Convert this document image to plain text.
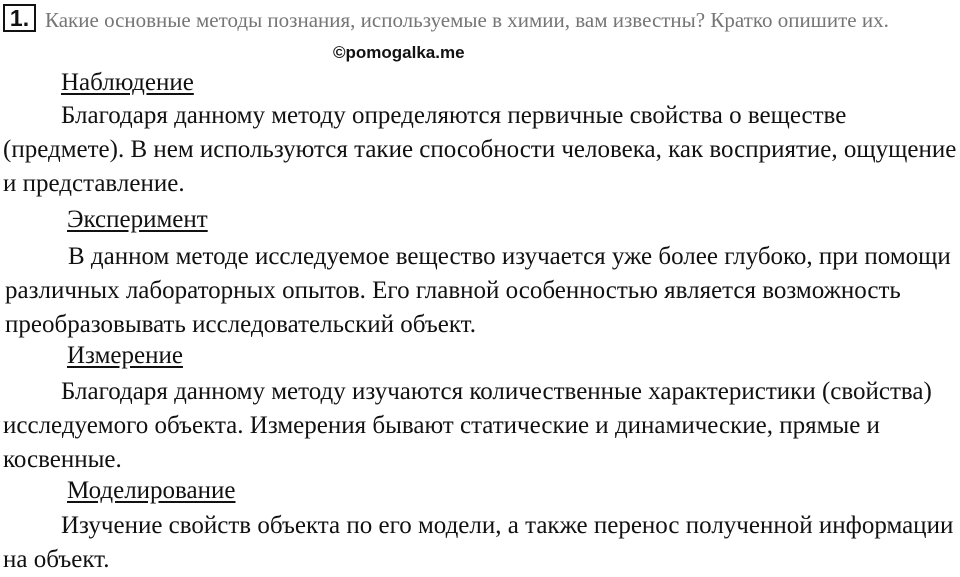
1. Какие основные методы познания, используемые в химии, вам известны? Кратко опишите их.
©pomogalka.me
Наблюдение
Благодаря данному методу определяются первичные свойства о веществе (предмете). В нем используются такие способности человека, как восприятие, ощущение и представление.
Эксперимент
В данном методе исследуемое вещество изучается уже более глубоко, при помощи различных лабораторных опытов. Его главной особенностью является возможность преобразовывать исследовательский объект.
Измерение
Благодаря данному методу изучаются количественные характеристики (свойства) исследуемого объекта. Измерения бывают статические и динамические, прямые и косвенные.
Моделирование
Изучение свойств объекта по его модели, а также перенос полученной информации на объект.
